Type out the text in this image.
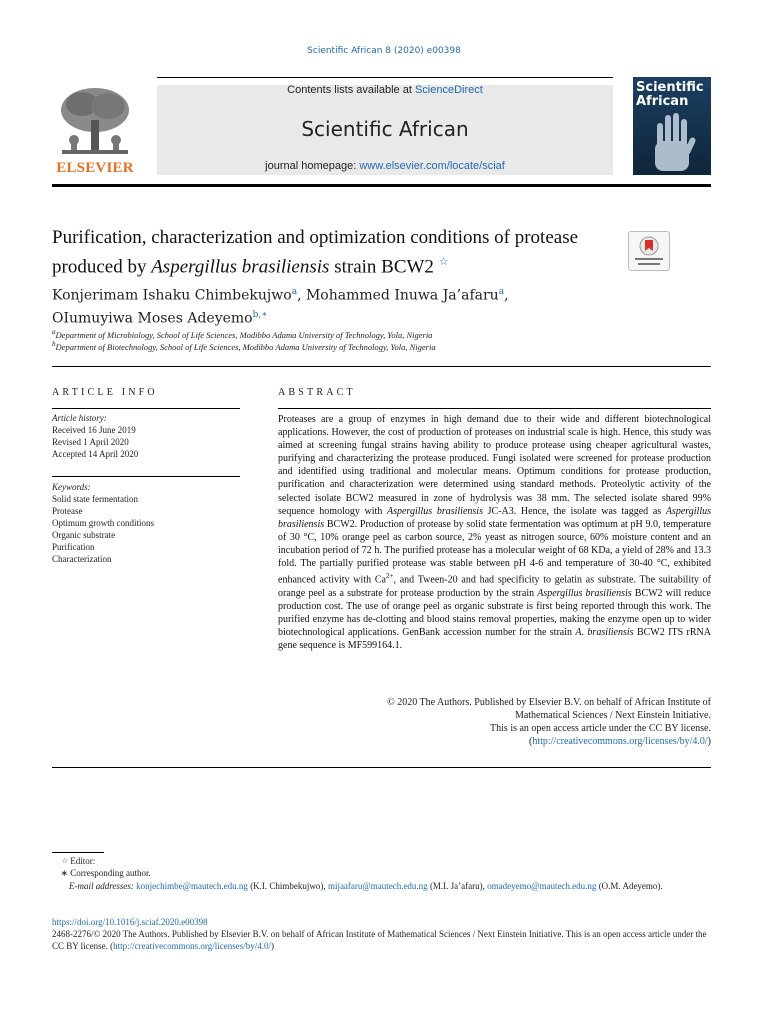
Scientific African 8 (2020) e00398
ELSEVIER
Contents lists available at ScienceDirect
Scientific African
journal homepage: www.elsevier.com/locate/sciaf
Scientific
African
Purification, characterization and optimization conditions of protease produced by Aspergillus brasiliensis strain BCW2 ☆
Konjerimam Ishaku Chimbekujwo$^a$, Mohammed Inuwa Ja’afaru$^a$,
OIumuyiwa Moses Adeyemo$^{b,∗}$
$^a$Department of Microbiology, School of Life Sciences, Modibbo Adama University of Technology, Yola, Nigeria
$^b$Department of Biotechnology, School of Life Sciences, Modibbo Adama University of Technology, Yola, Nigeria
ARTICLE INFO
Article history:
Received 16 June 2019
Revised 1 April 2020
Accepted 14 April 2020
Keywords:
Solid state fermentation
Protease
Optimum growth conditions
Organic substrate
Purification
Characterization
ABSTRACT
Proteases are a group of enzymes in high demand due to their wide and different biotechnological applications. However, the cost of production of proteases on industrial scale is high. Hence, this study was aimed at screening fungal strains having ability to produce protease using cheaper agricultural wastes, purifying and characterizing the protease produced. Fungi isolated were screened for protease production and identified using traditional and molecular means. Optimum conditions for protease production, purification and characterization were determined using standard methods. Proteolytic activity of the selected isolate BCW2 measured in zone of hydrolysis was 38 mm. The selected isolate shared 99% sequence homology with Aspergillus brasiliensis JC-A3. Hence, the isolate was tagged as Aspergillus brasiliensis BCW2. Production of protease by solid state fermentation was optimum at pH 9.0, temperature of 30 °C, 10% orange peel as carbon source, 2% yeast as nitrogen source, 60% moisture content and an incubation period of 72 h. The purified protease has a molecular weight of 68 KDa, a yield of 28% and 13.3 fold. The partially purified protease was stable between pH 4-6 and temperature of 30-40 °C, exhibited enhanced activity with $Ca^{2+}$, and Tween-20 and had specificity to gelatin as substrate. The suitability of orange peel as a substrate for protease production by the strain Aspergillus brasiliensis BCW2 will reduce production cost. The use of orange peel as organic substrate is first being reported through this work. The purified enzyme has de-clotting and blood stains removal properties, making the enzyme open up to wider biotechnological applications. GenBank accession number for the strain A. brasiliensis BCW2 ITS rRNA gene sequence is MF599164.1.
© 2020 The Authors. Published by Elsevier B.V. on behalf of African Institute of
Mathematical Sciences / Next Einstein Initiative.
This is an open access article under the CC BY license.
(http://creativecommons.org/licenses/by/4.0/)
☆ Editor:
∗ Corresponding author.
E-mail addresses: konjechimbe@mautech.edu.ng (K.I. Chimbekujwo), mijaafaru@mautech.edu.ng (M.I. Ja’afaru), omadeyemo@mautech.edu.ng (O.M. Adeyemo).
https://doi.org/10.1016/j.sciaf.2020.e00398
2468-2276/© 2020 The Authors. Published by Elsevier B.V. on behalf of African Institute of Mathematical Sciences / Next Einstein Initiative. This is an open access article under the CC BY license. (http://creativecommons.org/licenses/by/4.0/)
